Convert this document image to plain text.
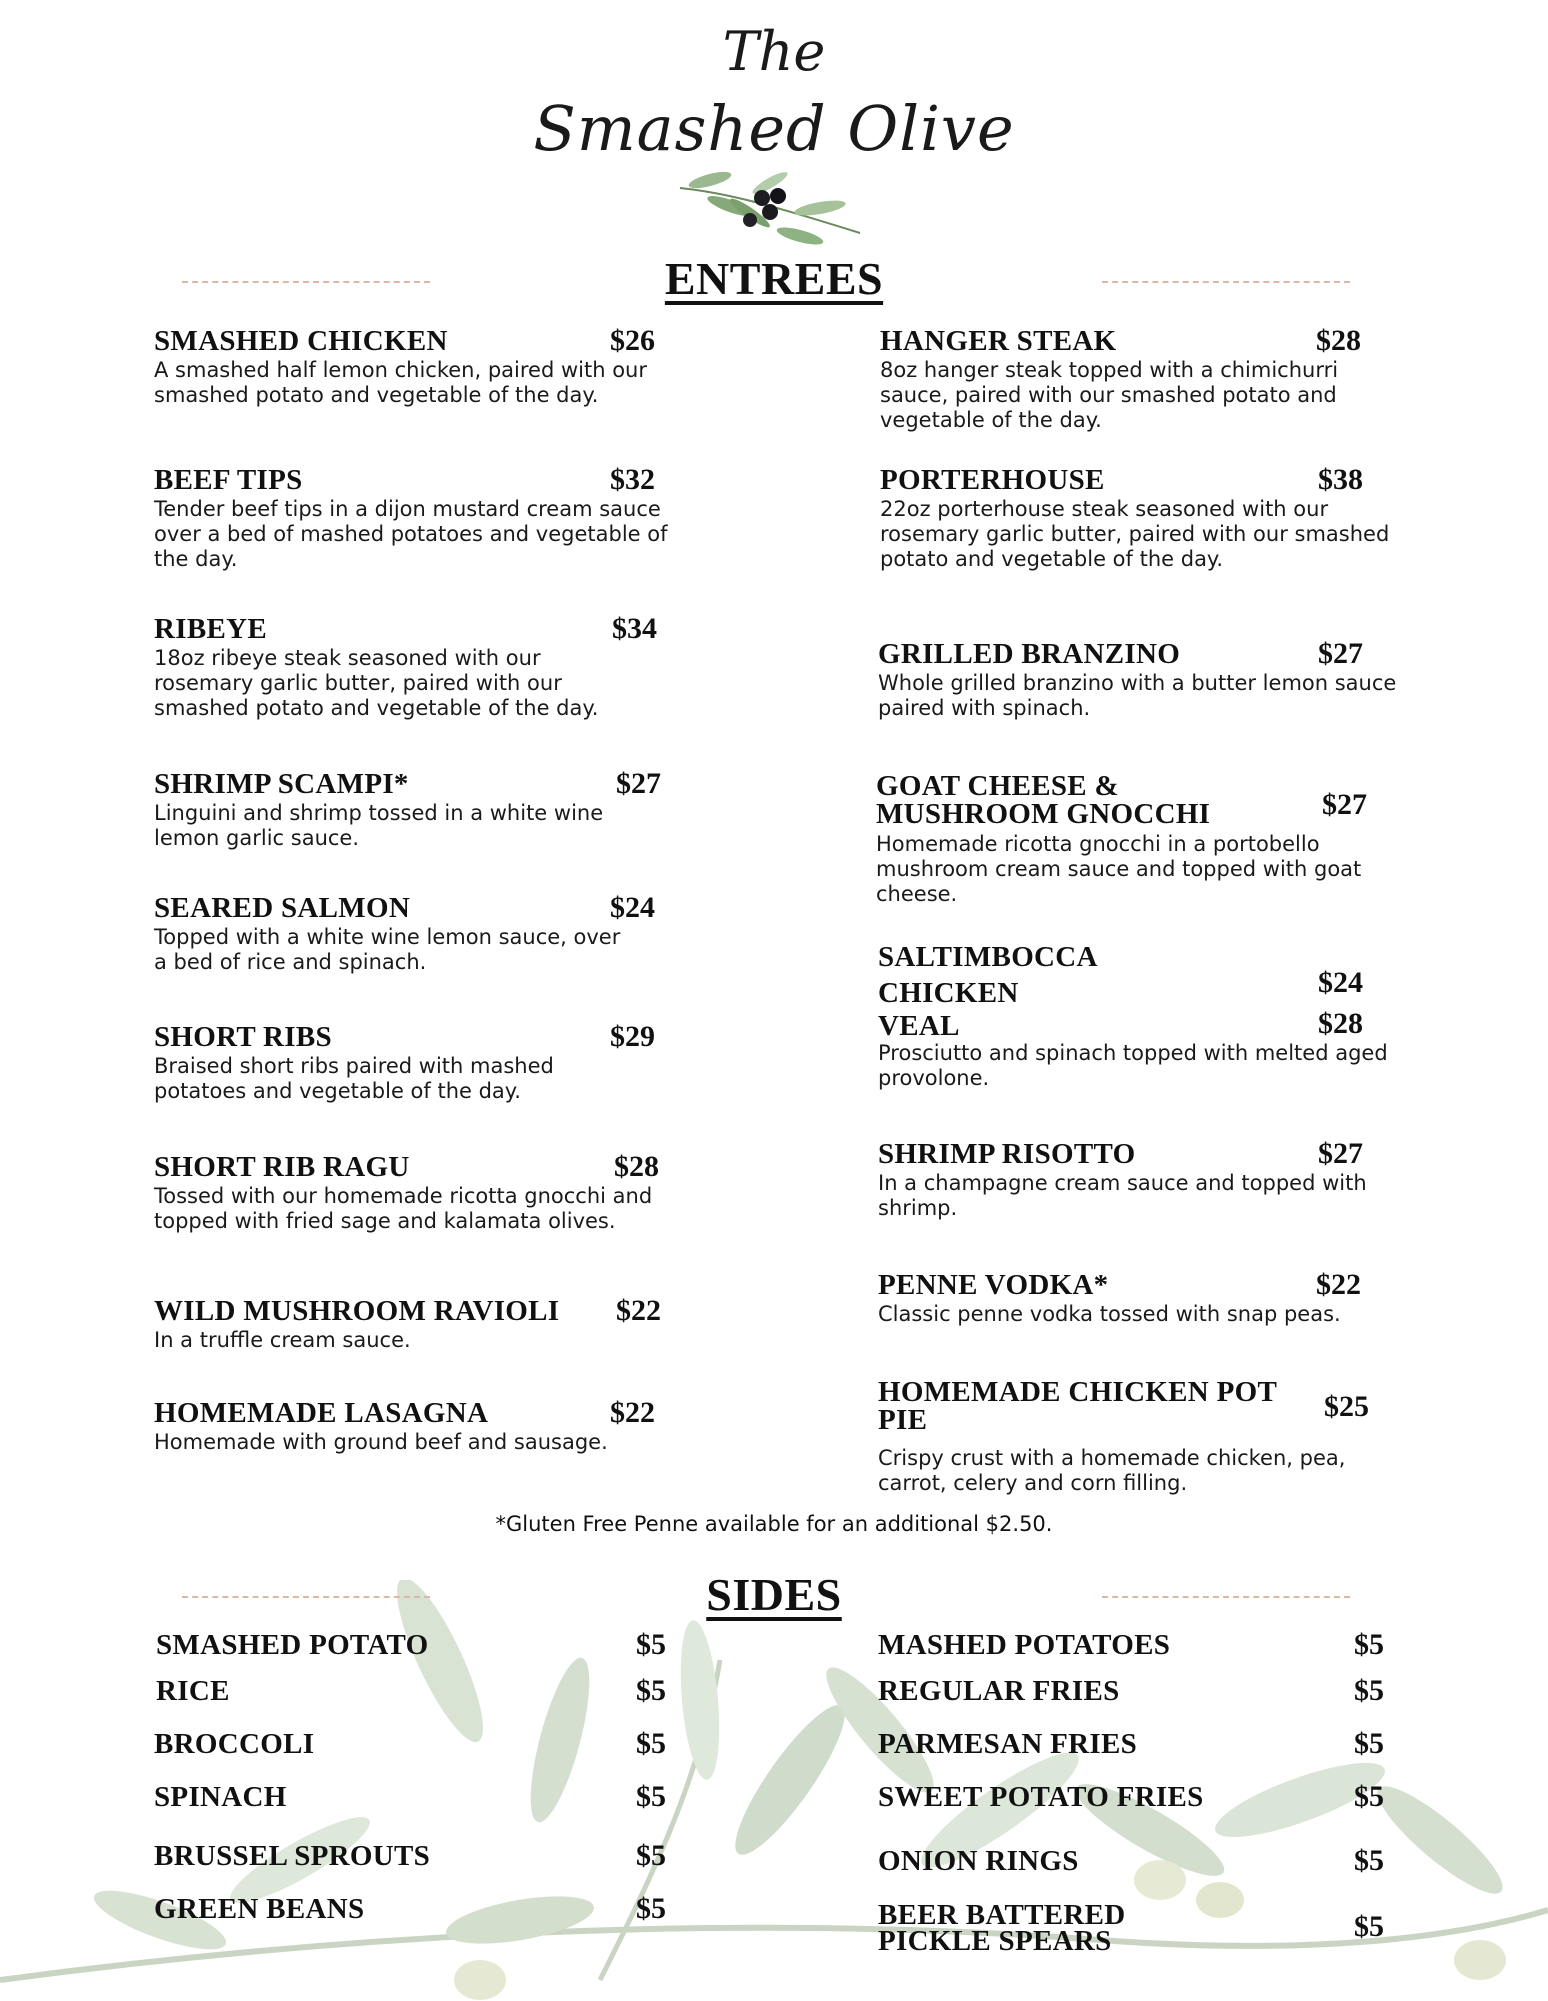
The
Smashed Olive
ENTREES
SMASHED CHICKEN	$26
A smashed half lemon chicken, paired with our smashed potato and vegetable of the day.
BEEF TIPS	$32
Tender beef tips in a dijon mustard cream sauce over a bed of mashed potatoes and vegetable of the day.
RIBEYE	$34
18oz ribeye steak seasoned with our rosemary garlic butter, paired with our smashed potato and vegetable of the day.
SHRIMP SCAMPI*	$27
Linguini and shrimp tossed in a white wine lemon garlic sauce.
SEARED SALMON	$24
Topped with a white wine lemon sauce, over a bed of rice and spinach.
SHORT RIBS	$29
Braised short ribs paired with mashed potatoes and vegetable of the day.
SHORT RIB RAGU	$28
Tossed with our homemade ricotta gnocchi and topped with fried sage and kalamata olives.
WILD MUSHROOM RAVIOLI $22
In a truffle cream sauce.
HOMEMADE LASAGNA	$22
Homemade with ground beef and sausage.
HANGER STEAK	$28
8oz hanger steak topped with a chimichurri sauce, paired with our smashed potato and vegetable of the day.
PORTERHOUSE	$38
22oz porterhouse steak seasoned with our rosemary garlic butter, paired with our smashed potato and vegetable of the day.
GRILLED BRANZINO	$27
Whole grilled branzino with a butter lemon sauce paired with spinach.
GOAT CHEESE & MUSHROOM GNOCCHI	$27
Homemade ricotta gnocchi in a portobello mushroom cream sauce and topped with goat cheese.
SALTIMBOCCA
CHICKEN	$24
VEAL	$28
Prosciutto and spinach topped with melted aged provolone.
SHRIMP RISOTTO	$27
In a champagne cream sauce and topped with shrimp.
PENNE VODKA*	$22
Classic penne vodka tossed with snap peas.
HOMEMADE CHICKEN POT PIE	$25
Crispy crust with a homemade chicken, pea, carrot, celery and corn filling.
*Gluten Free Penne available for an additional $2.50.
SIDES
SMASHED POTATO	$5
RICE	$5
BROCCOLI	$5
SPINACH	$5
BRUSSEL SPROUTS	$5
GREEN BEANS	$5
MASHED POTATOES	$5
REGULAR FRIES	$5
PARMESAN FRIES	$5
SWEET POTATO FRIES	$5
ONION RINGS	$5
BEER BATTERED PICKLE SPEARS	$5
